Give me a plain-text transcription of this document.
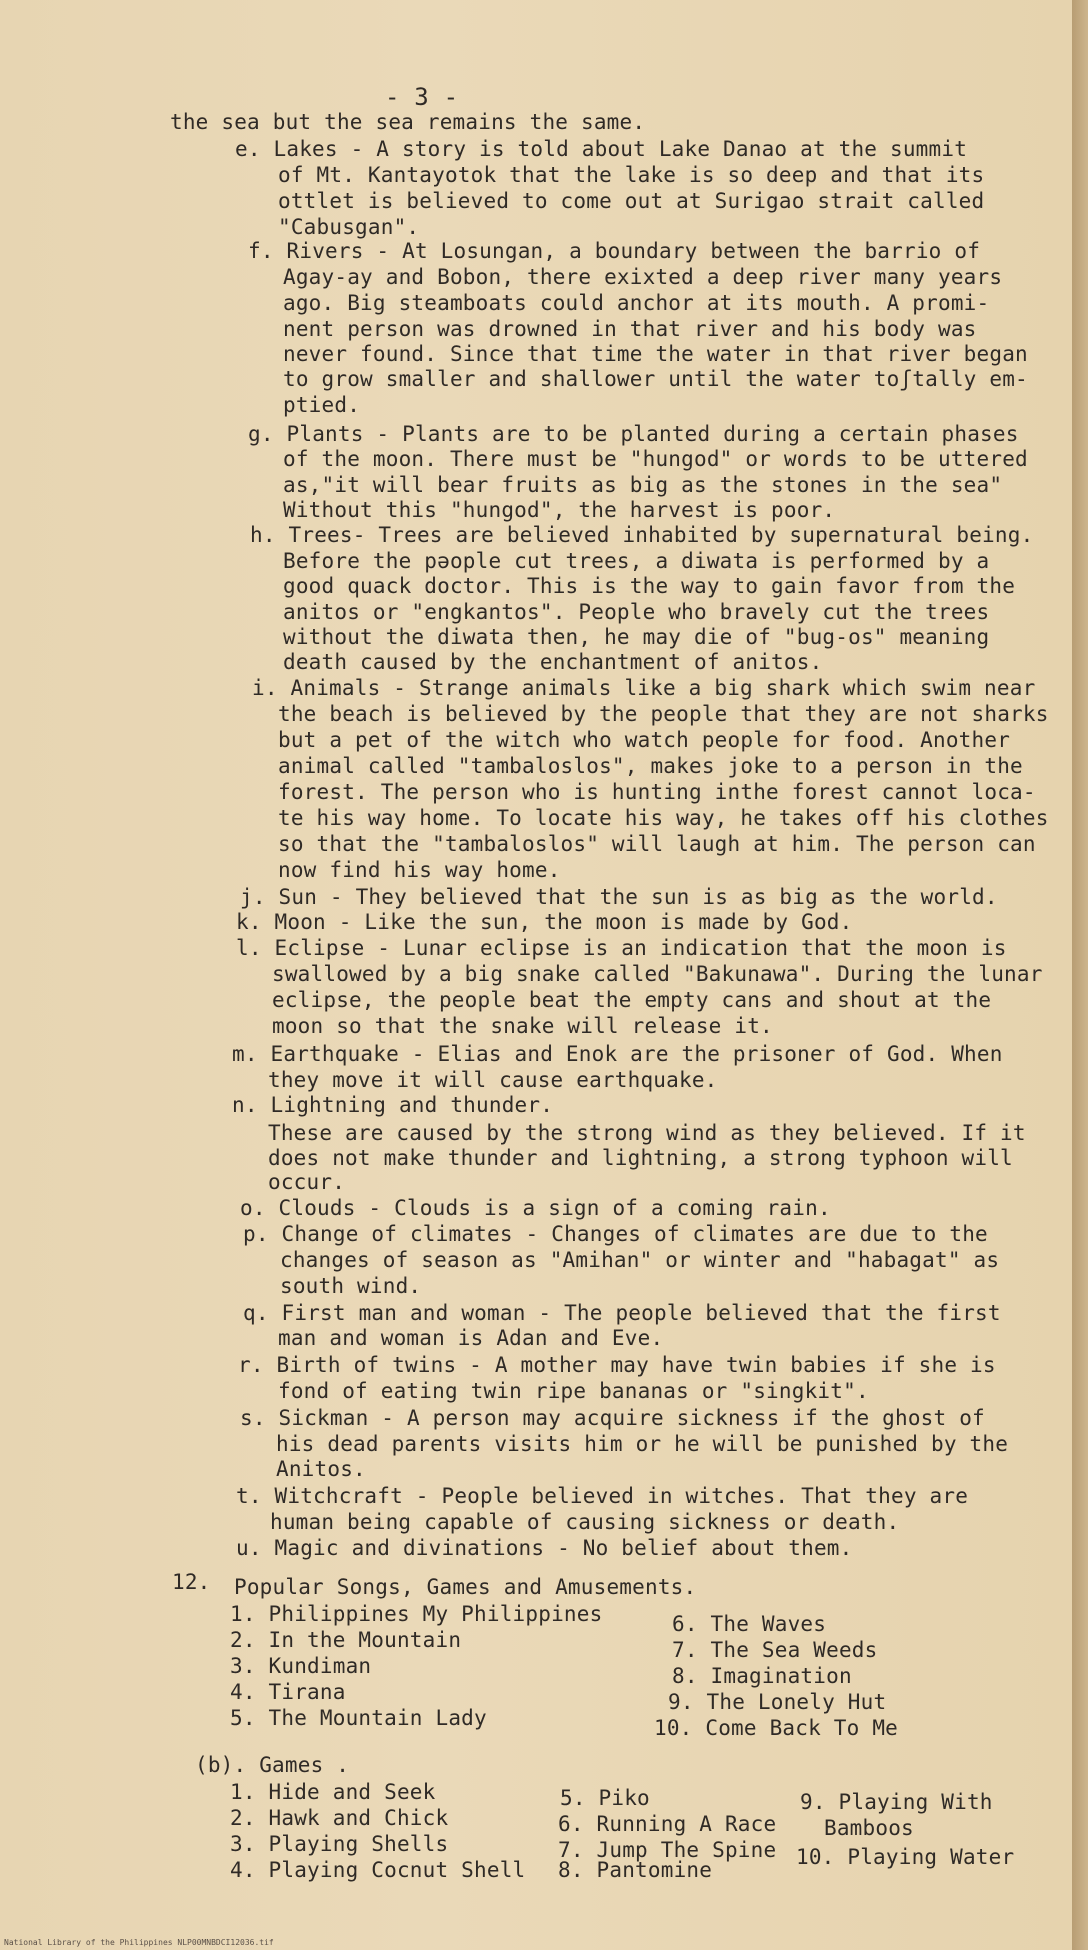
- 3 -
the sea but the sea remains the same.
e. Lakes - A story is told about Lake Danao at the summit
of Mt. Kantayotok that the lake is so deep and that its
ottlet is believed to come out at Surigao strait called
"Cabusgan".
f. Rivers - At Losungan, a boundary between the barrio of
Agay-ay and Bobon, there exixted a deep river many years
ago. Big steamboats could anchor at its mouth. A promi-
nent person was drowned in that river and his body was
never found. Since that time the water in that river began
to grow smaller and shallower until the water toʃtally em-
ptied.
g. Plants - Plants are to be planted during a certain phases
of the moon. There must be "hungod" or words to be uttered
as,"it will bear fruits as big as the stones in the sea"
Without this "hungod", the harvest is poor.
h. Trees- Trees are believed inhabited by supernatural being.
Before the pəople cut trees, a diwata is performed by a
good quack doctor. This is the way to gain favor from the
anitos or "engkantos". People who bravely cut the trees
without the diwata then, he may die of "bug-os" meaning
death caused by the enchantment of anitos.
i. Animals - Strange animals like a big shark which swim near
the beach is believed by the people that they are not sharks
but a pet of the witch who watch people for food. Another
animal called "tambaloslos", makes joke to a person in the
forest. The person who is hunting inthe forest cannot loca-
te his way home. To locate his way, he takes off his clothes
so that the "tambaloslos" will laugh at him. The person can
now find his way home.
j. Sun - They believed that the sun is as big as the world.
k. Moon - Like the sun, the moon is made by God.
l. Eclipse - Lunar eclipse is an indication that the moon is
swallowed by a big snake called "Bakunawa". During the lunar
eclipse, the people beat the empty cans and shout at the
moon so that the snake will release it.
m. Earthquake - Elias and Enok are the prisoner of God. When
they move it will cause earthquake.
n. Lightning and thunder.
These are caused by the strong wind as they believed. If it
does not make thunder and lightning, a strong typhoon will
occur.
o. Clouds - Clouds is a sign of a coming rain.
p. Change of climates - Changes of climates are due to the
changes of season as "Amihan" or winter and "habagat" as
south wind.
q. First man and woman - The people believed that the first
man and woman is Adan and Eve.
r. Birth of twins - A mother may have twin babies if she is
fond of eating twin ripe bananas or "singkit".
s. Sickman - A person may acquire sickness if the ghost of
his dead parents visits him or he will be punished by the
Anitos.
t. Witchcraft - People believed in witches. That they are
human being capable of causing sickness or death.
u. Magic and divinations - No belief about them.
12. Popular Songs, Games and Amusements.
1. Philippines My Philippines
2. In the Mountain
3. Kundiman
4. Tirana
5. The Mountain Lady
6. The Waves
7. The Sea Weeds
8. Imagination
9. The Lonely Hut
10. Come Back To Me
(b). Games .
1. Hide and Seek
2. Hawk and Chick
3. Playing Shells
4. Playing Cocnut Shell
5. Piko
6. Running A Race
7. Jump The Spine
8. Pantomine
9. Playing With
Bamboos
10. Playing Water
National Library of the Philippines NLP00MNBDCI12036.tif
